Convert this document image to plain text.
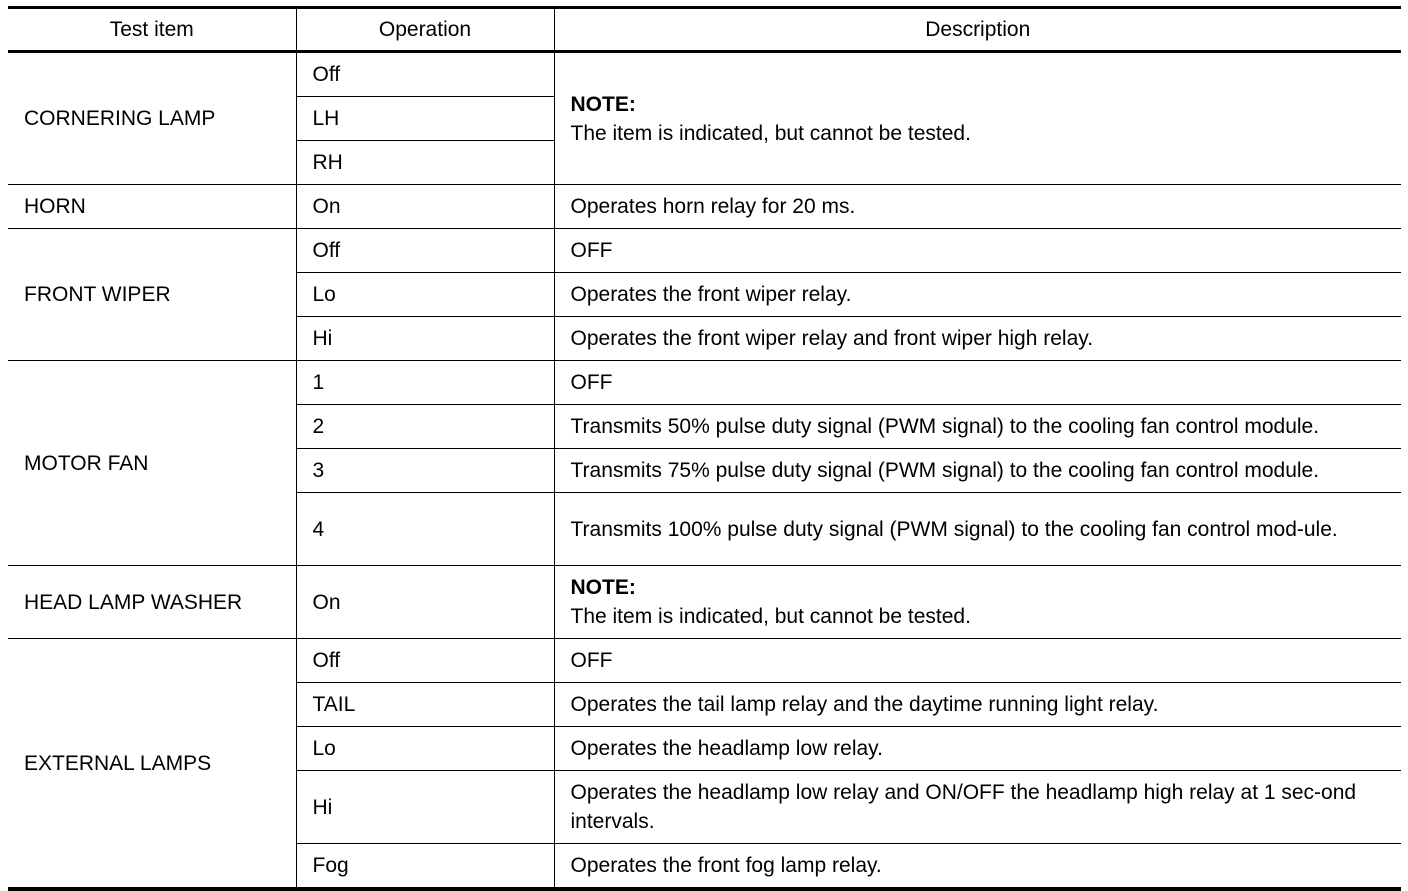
Test item	Operation	Description
CORNERING LAMP	Off	NOTE:
The item is indicated, but cannot be tested.
	LH	
	RH	
HORN	On	Operates horn relay for 20 ms.
FRONT WIPER	Off	OFF
	Lo	Operates the front wiper relay.
	Hi	Operates the front wiper relay and front wiper high relay.
MOTOR FAN	1	OFF
	2	Transmits 50% pulse duty signal (PWM signal) to the cooling fan control module.
	3	Transmits 75% pulse duty signal (PWM signal) to the cooling fan control module.
	4	Transmits 100% pulse duty signal (PWM signal) to the cooling fan control mod-ule.
HEAD LAMP WASHER	On	NOTE:
The item is indicated, but cannot be tested.
EXTERNAL LAMPS	Off	OFF
	TAIL	Operates the tail lamp relay and the daytime running light relay.
	Lo	Operates the headlamp low relay.
	Hi	Operates the headlamp low relay and ON/OFF the headlamp high relay at 1 sec-ond intervals.
	Fog	Operates the front fog lamp relay.
